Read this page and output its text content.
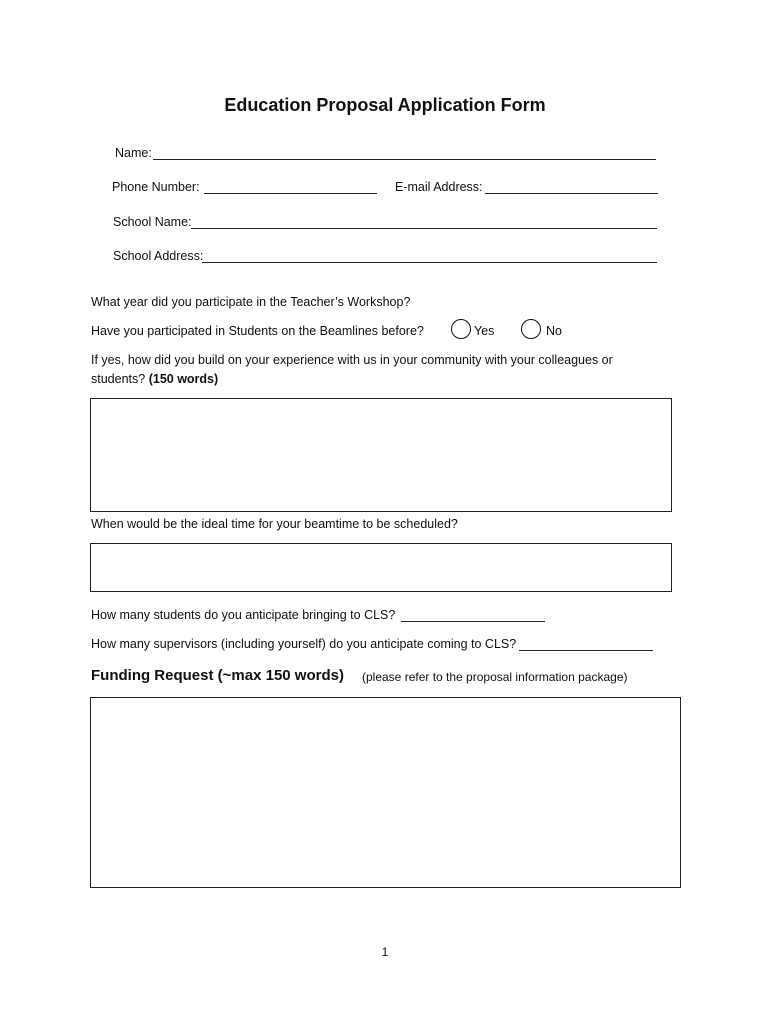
Education Proposal Application Form
Name:
Phone Number:	E-mail Address:
School Name:
School Address:
What year did you participate in the Teacher’s Workshop?
Have you participated in Students on the Beamlines before?	Yes	No
If yes, how did you build on your experience with us in your community with your colleagues or
students? (150 words)
When would be the ideal time for your beamtime to be scheduled?
How many students do you anticipate bringing to CLS?
How many supervisors (including yourself) do you anticipate coming to CLS?
Funding Request (~max 150 words) (please refer to the proposal information package)
1
